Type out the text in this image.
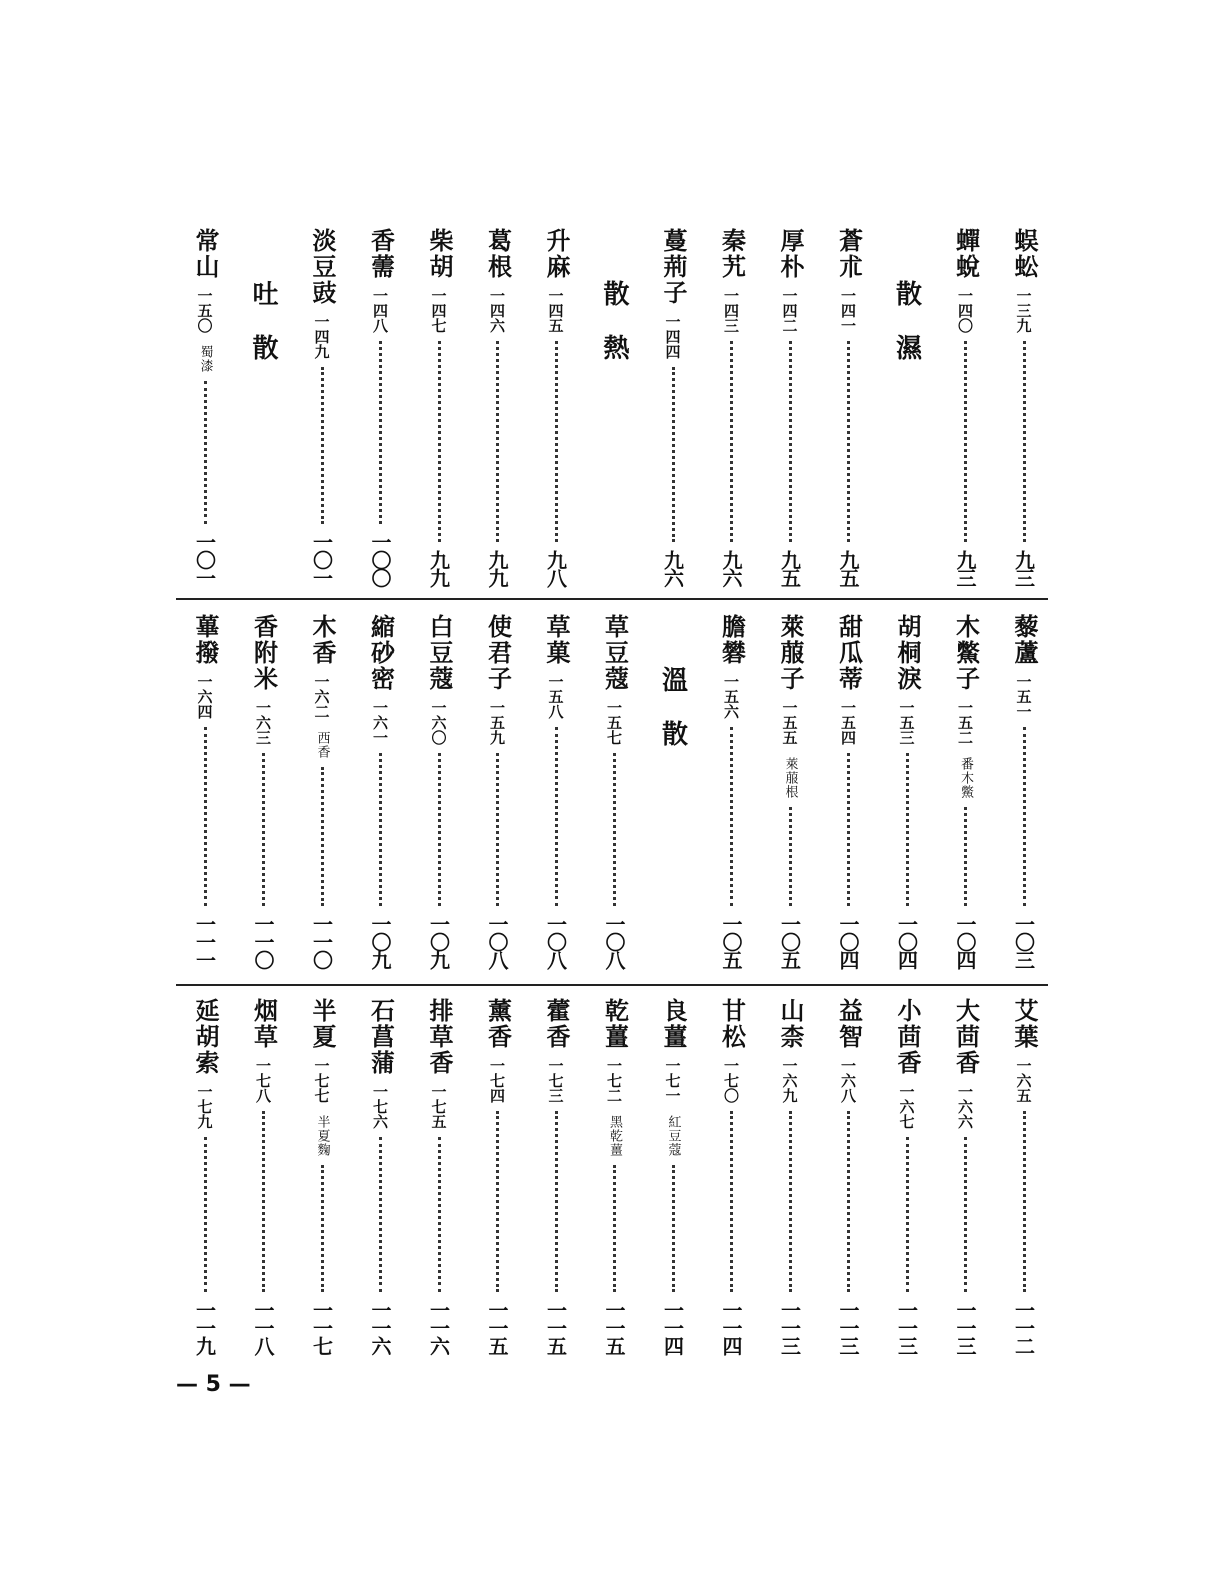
蜈蚣
一三九
九三
蟬蛻
一四〇
九三
散濕
蒼朮
一四一
九五
厚朴
一四二
九五
秦艽
一四三
九六
蔓荊子
一四四
九六
散熱
升麻
一四五
九八
葛根
一四六
九九
柴胡
一四七
九九
香薷
一四八
一〇〇
淡豆豉
一四九
一〇一
吐散
常山
一五〇
蜀漆
一〇一
藜蘆
一五一
一〇三
木鱉子
一五二
番木鱉
一〇四
胡桐淚
一五三
一〇四
甜瓜蒂
一五四
一〇四
萊菔子
一五五
萊菔根
一〇五
膽礬
一五六
一〇五
溫散
草豆蔻
一五七
一〇八
草菓
一五八
一〇八
使君子
一五九
一〇八
白豆蔻
一六〇
一〇九
縮砂密
一六一
一〇九
木香
一六二
西香
一一〇
香附米
一六三
一一〇
蓽撥
一六四
一一一
艾葉
一六五
一一二
大茴香
一六六
一一三
小茴香
一六七
一一三
益智
一六八
一一三
山柰
一六九
一一三
甘松
一七〇
一一四
良薑
一七一
紅豆蔻
一一四
乾薑
一七二
黑乾薑
一一五
藿香
一七三
一一五
薰香
一七四
一一五
排草香
一七五
一一六
石菖蒲
一七六
一一六
半夏
一七七
半夏麴
一一七
烟草
一七八
一一八
延胡索
一七九
一一九
— 5 —
